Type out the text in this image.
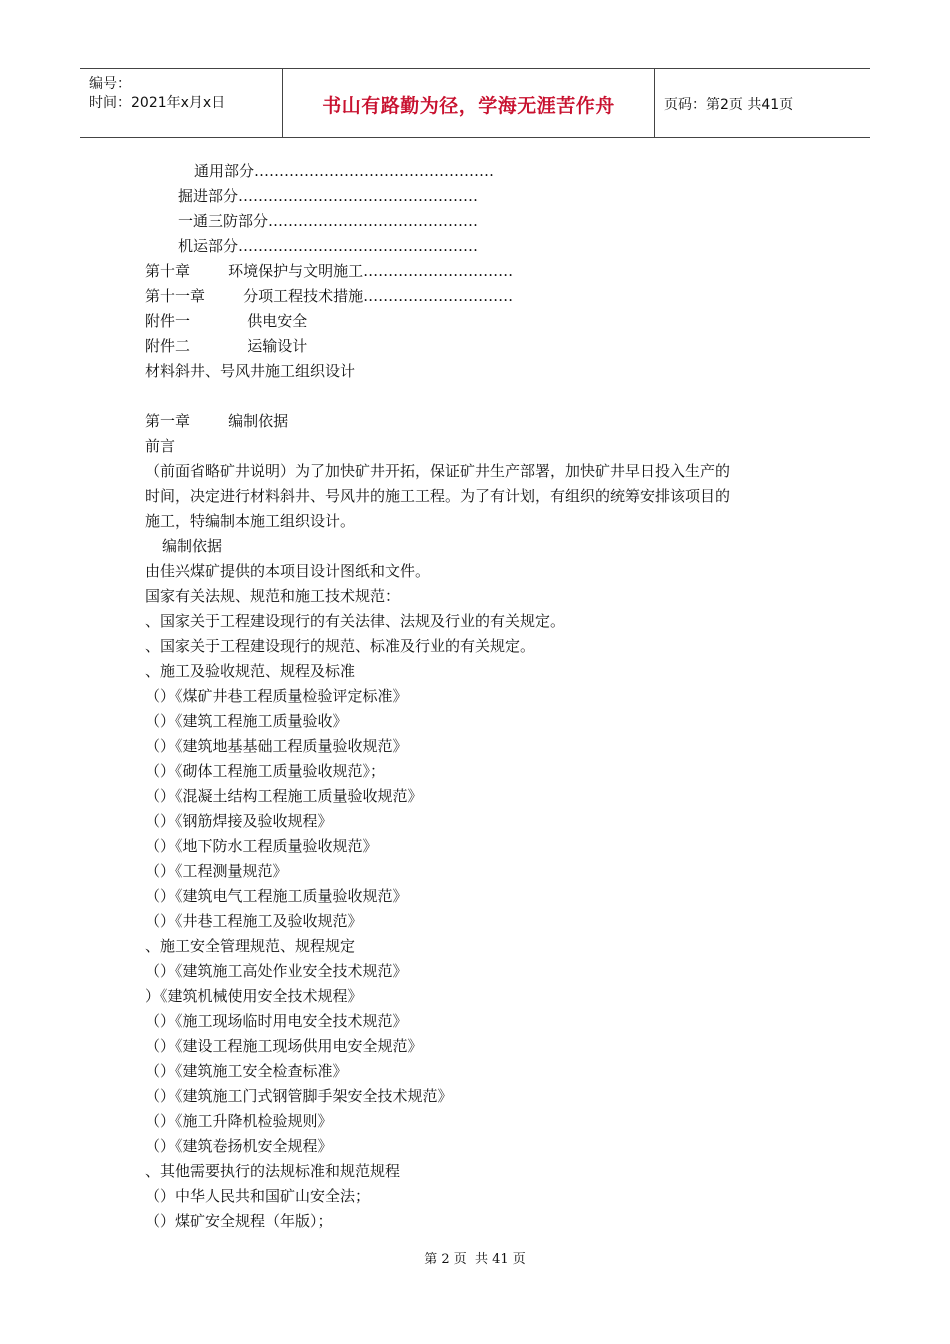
编号：
时间：2021年x月x日	书山有路勤为径，学海无涯苦作舟	页码：第2页 共41页
通用部分…………………………………………
掘进部分…………………………………………
一通三防部分……………………………………
机运部分…………………………………………
第十章        环境保护与文明施工…………………………
第十一章        分项工程技术措施…………………………
附件一            供电安全
附件二            运输设计
材料斜井、号风井施工组织设计
第一章        编制依据
前言
（前面省略矿井说明）为了加快矿井开拓，保证矿井生产部署，加快矿井早日投入生产的
时间，决定进行材料斜井、号风井的施工工程。为了有计划，有组织的统筹安排该项目的
施工，特编制本施工组织设计。
编制依据
由佳兴煤矿提供的本项目设计图纸和文件。
国家有关法规、规范和施工技术规范：
、国家关于工程建设现行的有关法律、法规及行业的有关规定。
、国家关于工程建设现行的规范、标准及行业的有关规定。
、施工及验收规范、规程及标准
（）《煤矿井巷工程质量检验评定标准》
（）《建筑工程施工质量验收》
（）《建筑地基基础工程质量验收规范》
（）《砌体工程施工质量验收规范》；
（）《混凝土结构工程施工质量验收规范》
（）《钢筋焊接及验收规程》
（）《地下防水工程质量验收规范》
（）《工程测量规范》
（）《建筑电气工程施工质量验收规范》
（）《井巷工程施工及验收规范》
、施工安全管理规范、规程规定
（）《建筑施工高处作业安全技术规范》
）《建筑机械使用安全技术规程》
（）《施工现场临时用电安全技术规范》
（）《建设工程施工现场供用电安全规范》
（）《建筑施工安全检查标准》
（）《建筑施工门式钢管脚手架安全技术规范》
（）《施工升降机检验规则》
（）《建筑卷扬机安全规程》
、其他需要执行的法规标准和规范规程
（）中华人民共和国矿山安全法；
（）煤矿安全规程（年版）；
第 2 页  共 41 页
